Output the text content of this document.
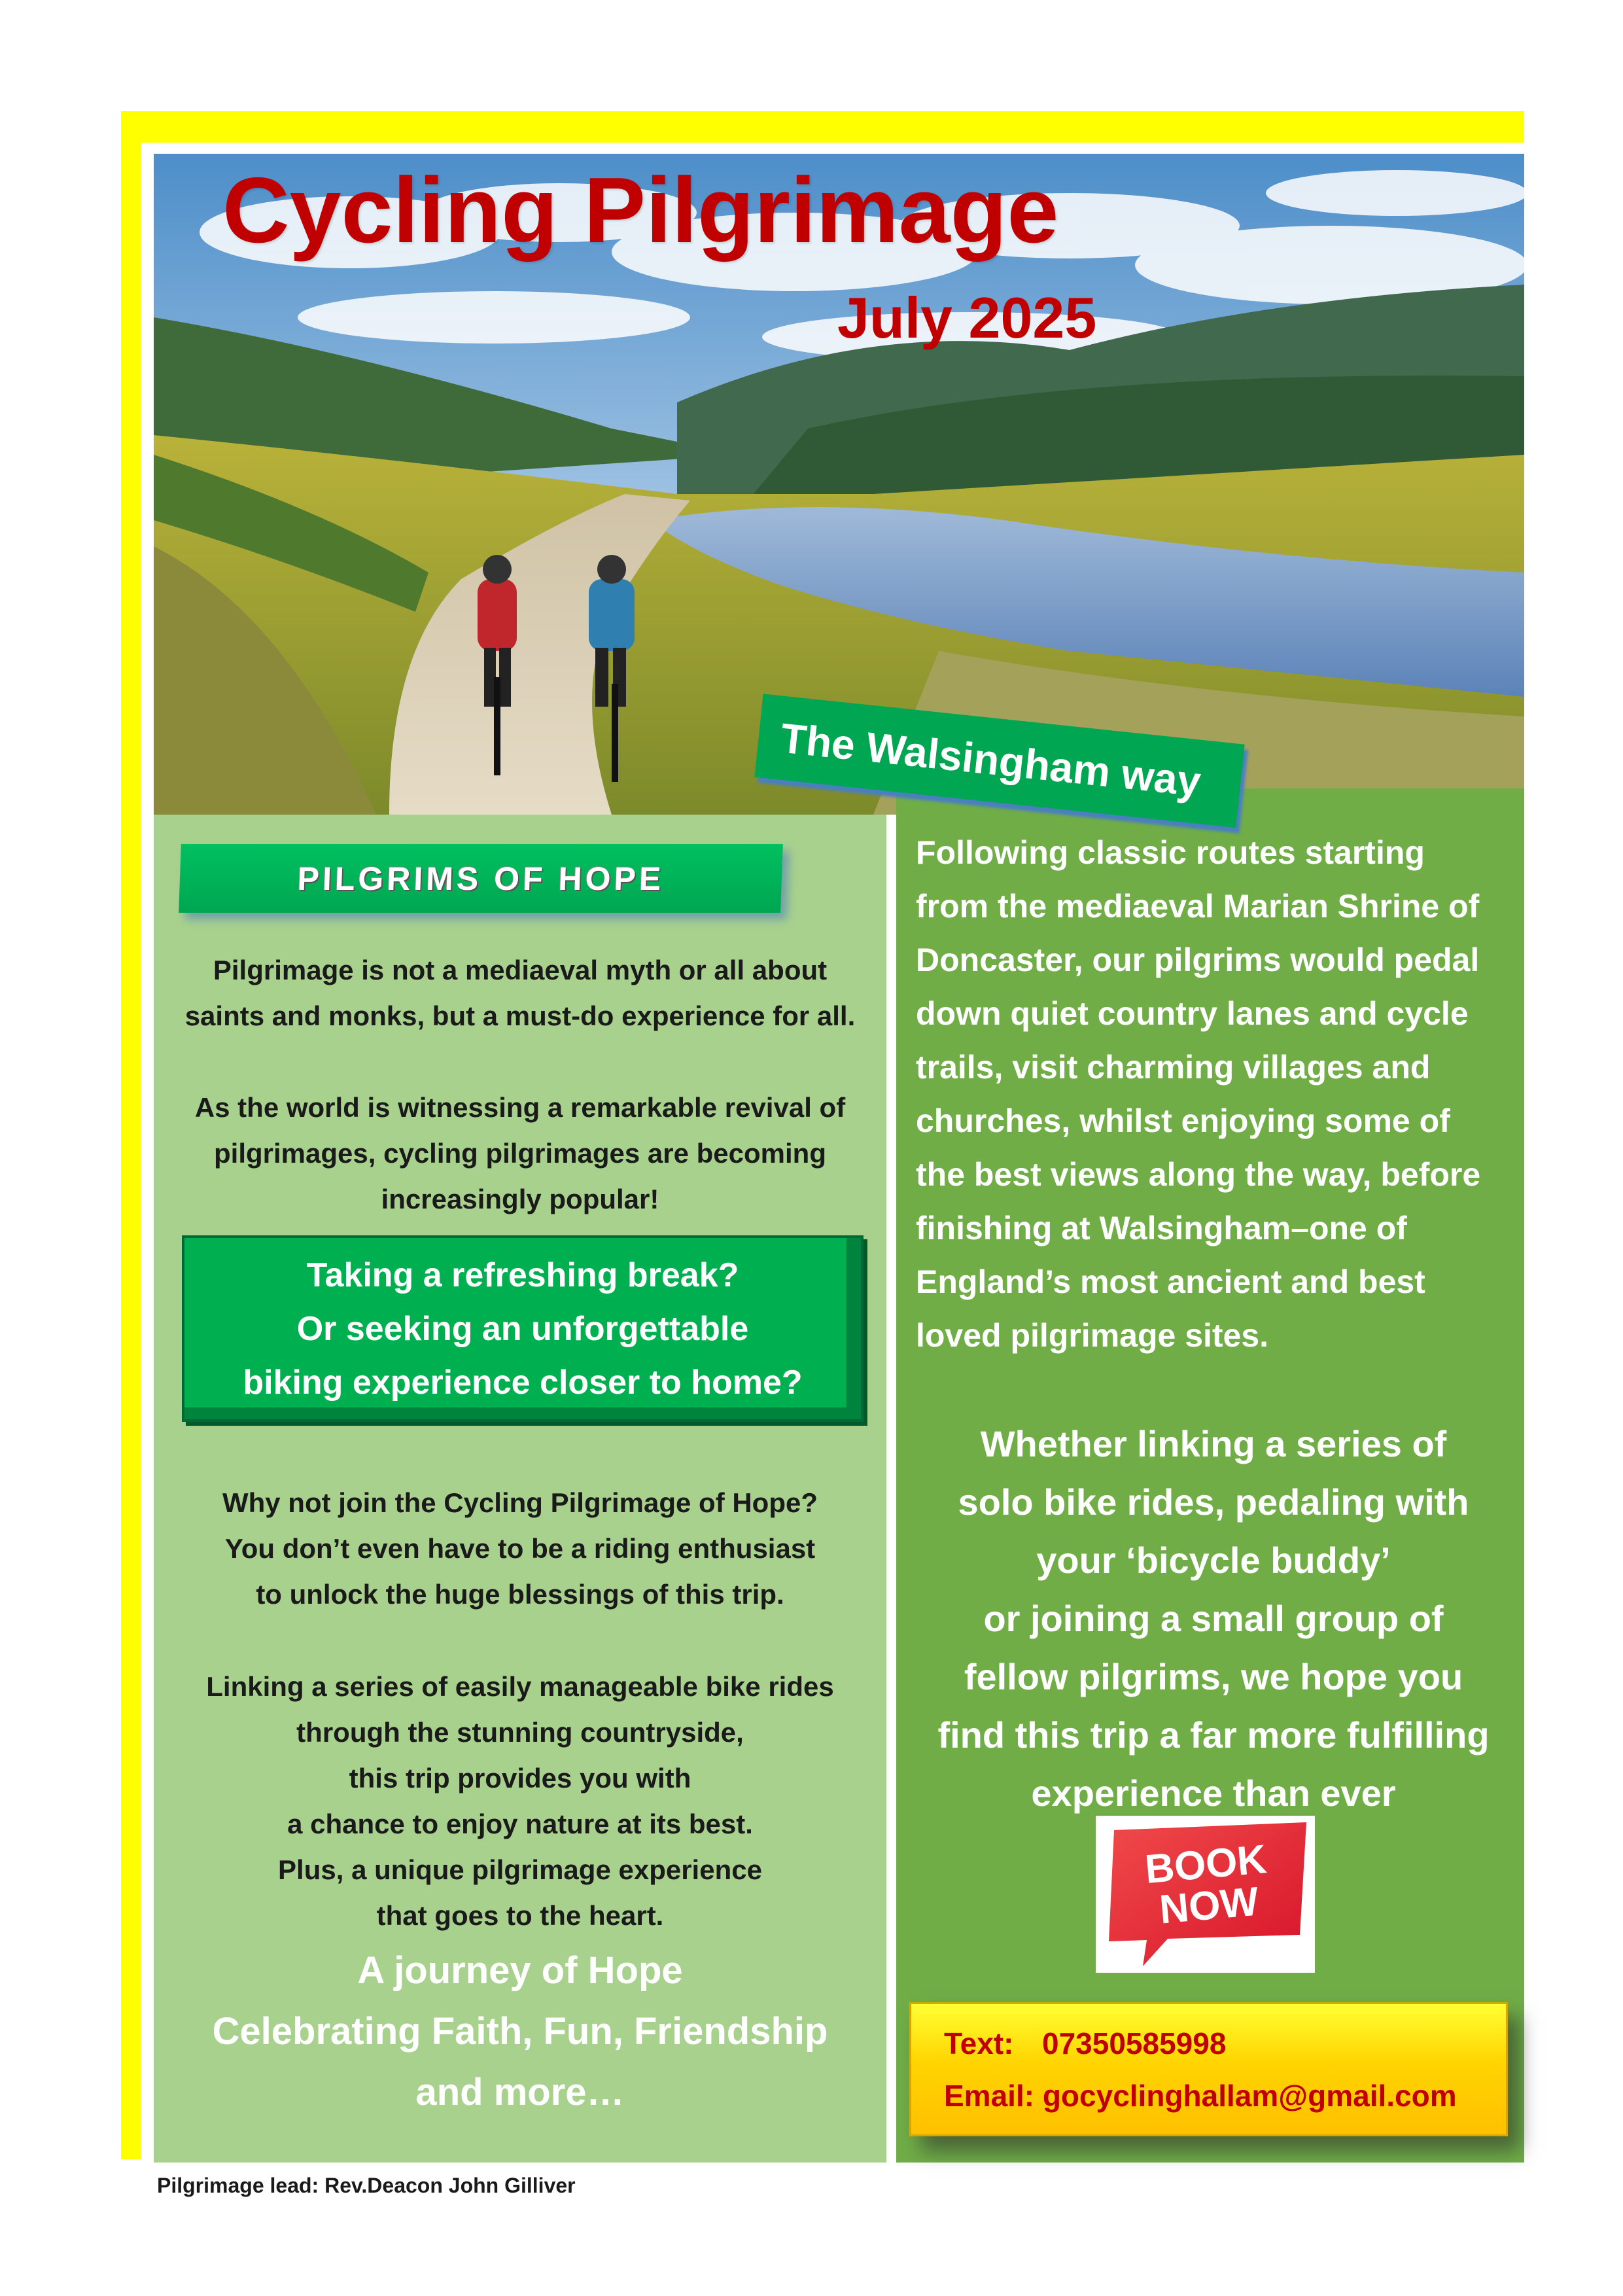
Cycling Pilgrimage
July 2025
The Walsingham way
PILGRIMS OF HOPE
Pilgrimage is not a mediaeval myth or all about
saints and monks, but a must-do experience for all.
As the world is witnessing a remarkable revival of
pilgrimages, cycling pilgrimages are becoming
increasingly popular!
Taking a refreshing break?
Or seeking an unforgettable
biking experience closer to home?
Why not join the Cycling Pilgrimage of Hope?
You don’t even have to be a riding enthusiast
to unlock the huge blessings of this trip.
Linking a series of easily manageable bike rides
through the stunning countryside,
this trip provides you with
a chance to enjoy nature at its best.
Plus, a unique pilgrimage experience
that goes to the heart.
A journey of Hope
Celebrating Faith, Fun, Friendship
and more…
Following classic routes starting
from the mediaeval Marian Shrine of
Doncaster, our pilgrims would pedal
down quiet country lanes and cycle
trails, visit charming villages and
churches, whilst enjoying some of
the best views along the way, before
finishing at Walsingham–one of
England’s most ancient and best
loved pilgrimage sites.
Whether linking a series of
solo bike rides, pedaling with
your ‘bicycle buddy’
or joining a small group of
fellow pilgrims, we hope you
find this trip a far more fulfilling
experience than ever
BOOK
NOW
Text: 07350585998
Email: gocyclinghallam@gmail.com
Pilgrimage lead: Rev.Deacon John Gilliver
